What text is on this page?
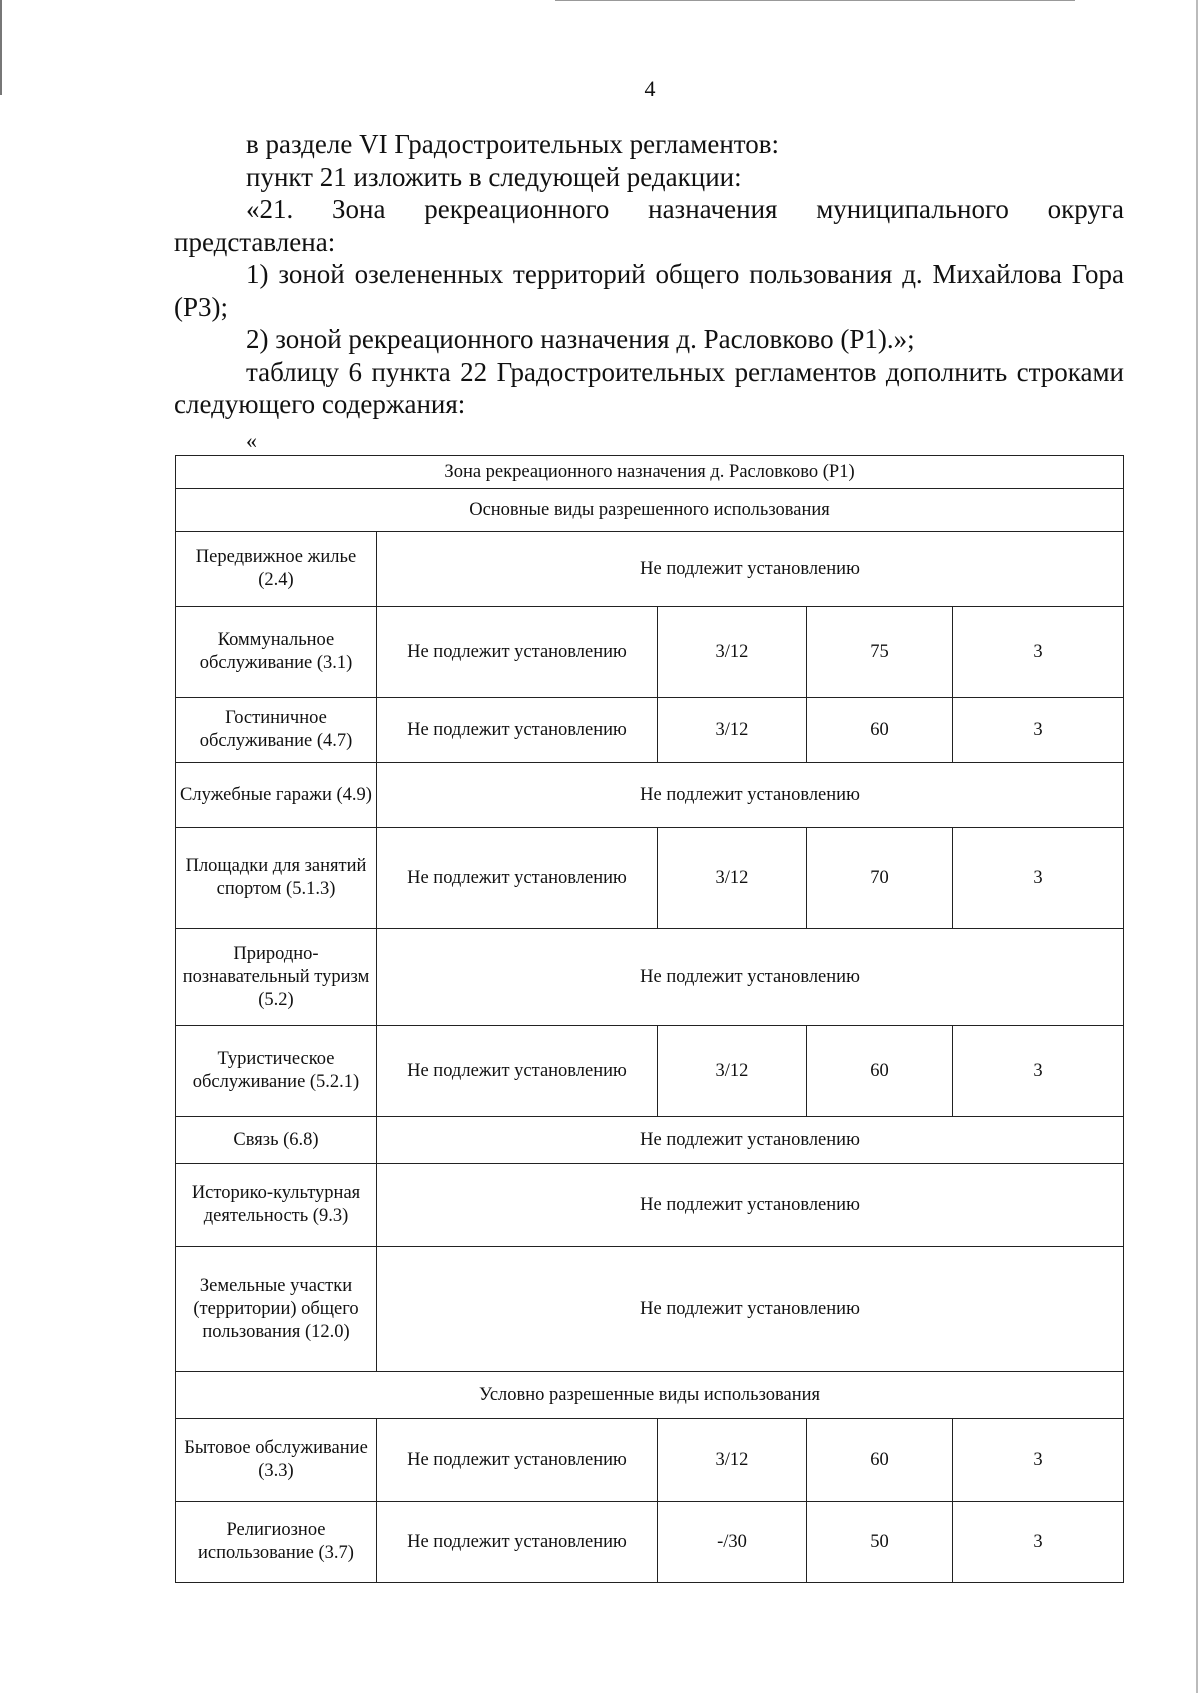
4

в разделе VI Градостроительных регламентов:

пункт 21 изложить в следующей редакции:

«21. Зона рекреационного назначения муниципального округа представлена:

1) зоной озелененных территорий общего пользования д. Михайлова Гора (Р3);

2) зоной рекреационного назначения д. Расловково (Р1).»;

таблицу 6 пункта 22 Градостроительных регламентов дополнить строками следующего содержания:

«
Зона рекреационного назначения д. Расловково (Р1)				
Основные виды разрешенного использования				
Передвижное жилье (2.4)	Не подлежит установлению			
Коммунальное обслуживание (3.1)	Не подлежит установлению	3/12	75	3
Гостиничное обслуживание (4.7)	Не подлежит установлению	3/12	60	3
Служебные гаражи (4.9)	Не подлежит установлению			
Площадки для занятий спортом (5.1.3)	Не подлежит установлению	3/12	70	3
Природно-познавательный туризм (5.2)	Не подлежит установлению			
Туристическое обслуживание (5.2.1)	Не подлежит установлению	3/12	60	3
Связь (6.8)	Не подлежит установлению			
Историко-культурная деятельность (9.3)	Не подлежит установлению			
Земельные участки (территории) общего пользования (12.0)	Не подлежит установлению			
Условно разрешенные виды использования				
Бытовое обслуживание (3.3)	Не подлежит установлению	3/12	60	3
Религиозное использование (3.7)	Не подлежит установлению	-/30	50	3
